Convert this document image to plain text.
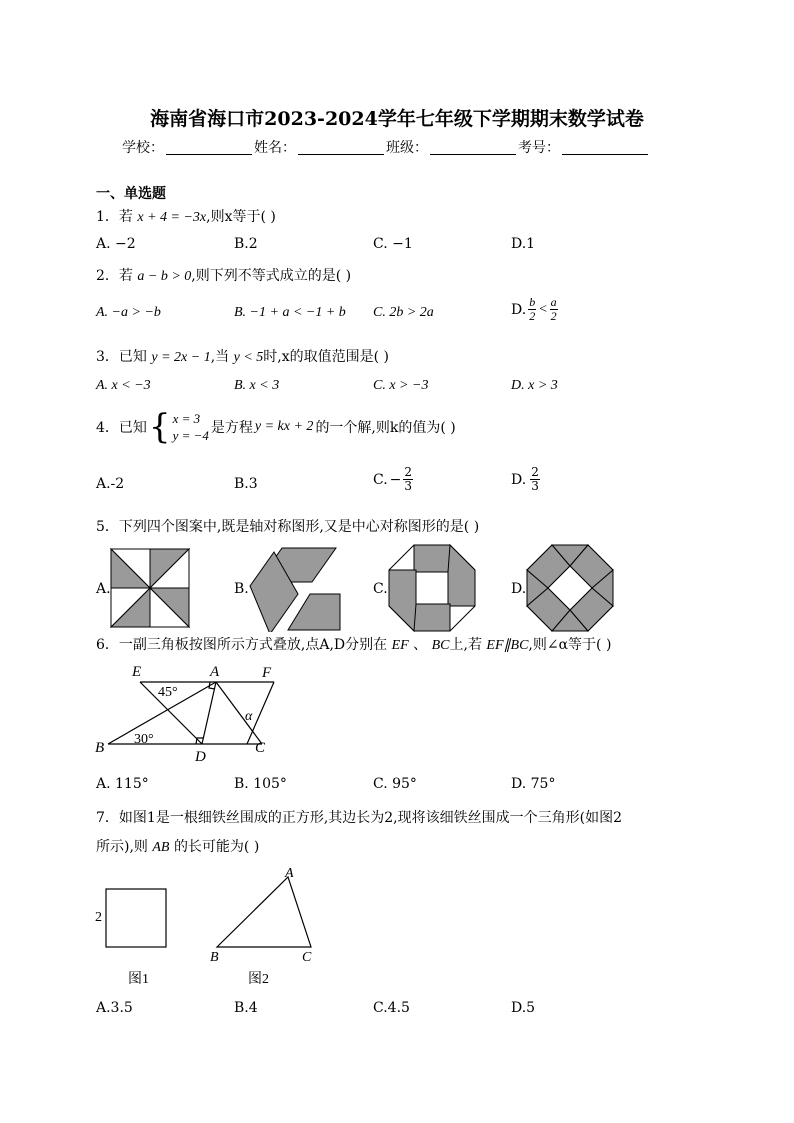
海南省海口市2023-2024学年七年级下学期期末数学试卷
学校：	姓名：	班级：	考号：
一、单选题
1．若 x + 4 = −3x,则x等于( )
A. −2	B.2	C. −1	D.1
2．若 a − b > 0,则下列不等式成立的是( )
A. −a > −b	B. −1 + a < −1 + b C. 2b > 2a	D. $\frac{b}{2} < \frac{a}{2}$
3．已知 y = 2x − 1,当 y < 5时,x的取值范围是( )
A. x < −3	B. x < 3	C. x > −3	D. x > 3
4．已知 { x = 3
y = −4 是方程 y = kx + 2 的一个解,则k的值为( )
A.-2	B.3	C. − $\frac{2}{3}$	D. $\frac{2}{3}$
5．下列四个图案中,既是轴对称图形,又是中心对称图形的是( )
A.	B.	C.	D.
6．一副三角板按图所示方式叠放,点A,D分别在 EF 、 BC上,若 EF∥BC,则∠α等于( )
E	A	F
B
D
C
45°
30°
α
A. 115°	B. 105°	C. 95°	D. 75°
7．如图1是一根细铁丝围成的正方形,其边长为2,现将该细铁丝围成一个三角形(如图2
所示),则 AB 的长可能为( )
2
A
B	C
图1	图2
A.3.5	B.4	C.4.5	D.5
